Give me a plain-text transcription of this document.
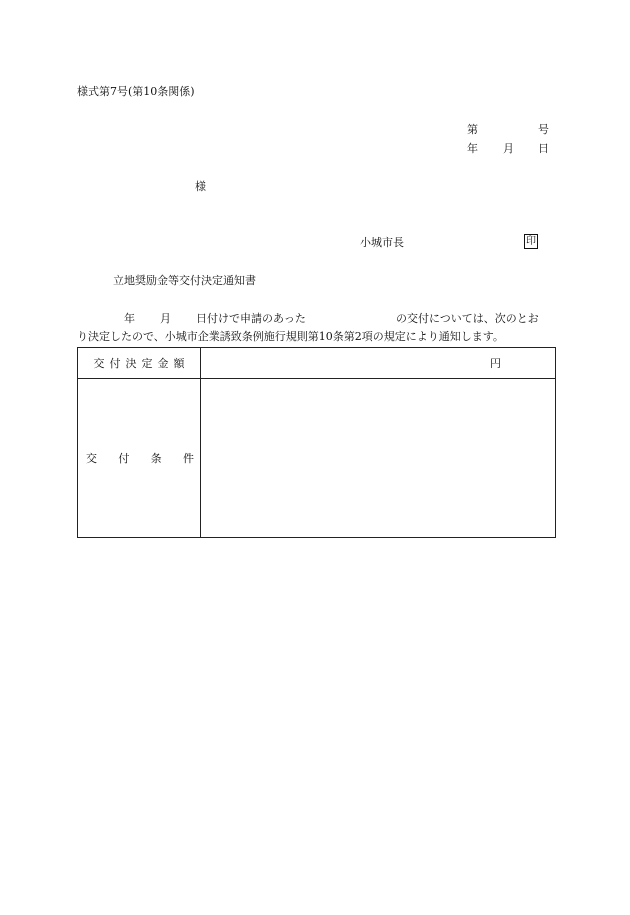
様式第7号(第10条関係)
第	号
年 月 日
様
小城市長	印
立地奨励金等交付決定通知書
年 月 日付けで申請のあった	の交付については、次のとお
り決定したので、小城市企業誘致条例施行規則第10条第2項の規定により通知します。
交付決定金額	円
交 付 条 件
